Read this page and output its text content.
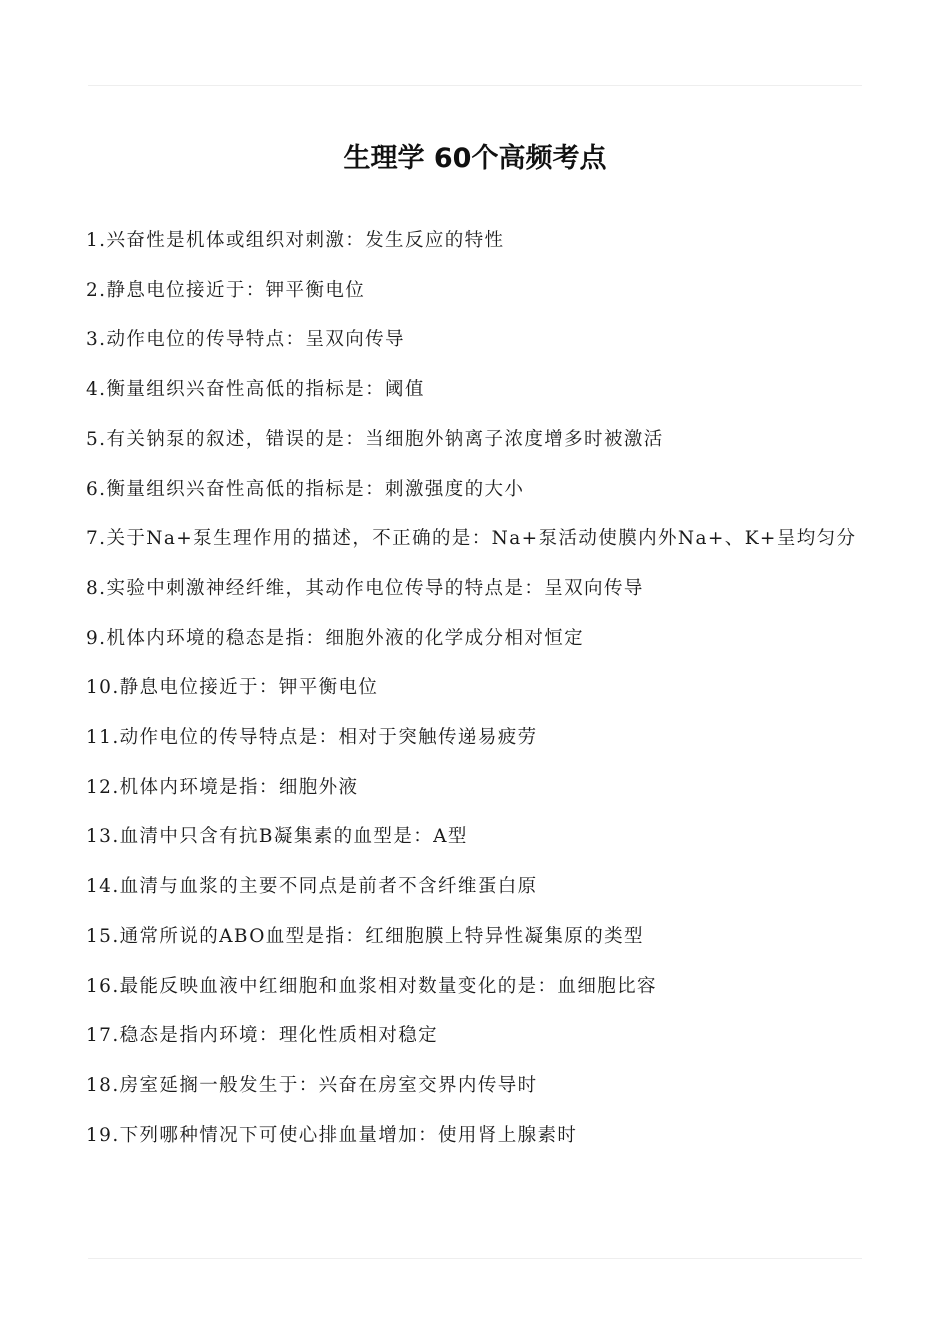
生理学 60个高频考点
1.兴奋性是机体或组织对刺激：发生反应的特性
2.静息电位接近于：钾平衡电位
3.动作电位的传导特点：呈双向传导
4.衡量组织兴奋性高低的指标是：阈值
5.有关钠泵的叙述，错误的是：当细胞外钠离子浓度增多时被激活
6.衡量组织兴奋性高低的指标是：刺激强度的大小
7.关于Na+泵生理作用的描述，不正确的是：Na+泵活动使膜内外Na+、K+呈均匀分
8.实验中刺激神经纤维，其动作电位传导的特点是：呈双向传导
9.机体内环境的稳态是指：细胞外液的化学成分相对恒定
10.静息电位接近于：钾平衡电位
11.动作电位的传导特点是：相对于突触传递易疲劳
12.机体内环境是指：细胞外液
13.血清中只含有抗B凝集素的血型是：A型
14.血清与血浆的主要不同点是前者不含纤维蛋白原
15.通常所说的ABO血型是指：红细胞膜上特异性凝集原的类型
16.最能反映血液中红细胞和血浆相对数量变化的是：血细胞比容
17.稳态是指内环境：理化性质相对稳定
18.房室延搁一般发生于：兴奋在房室交界内传导时
19.下列哪种情况下可使心排血量增加：使用肾上腺素时
